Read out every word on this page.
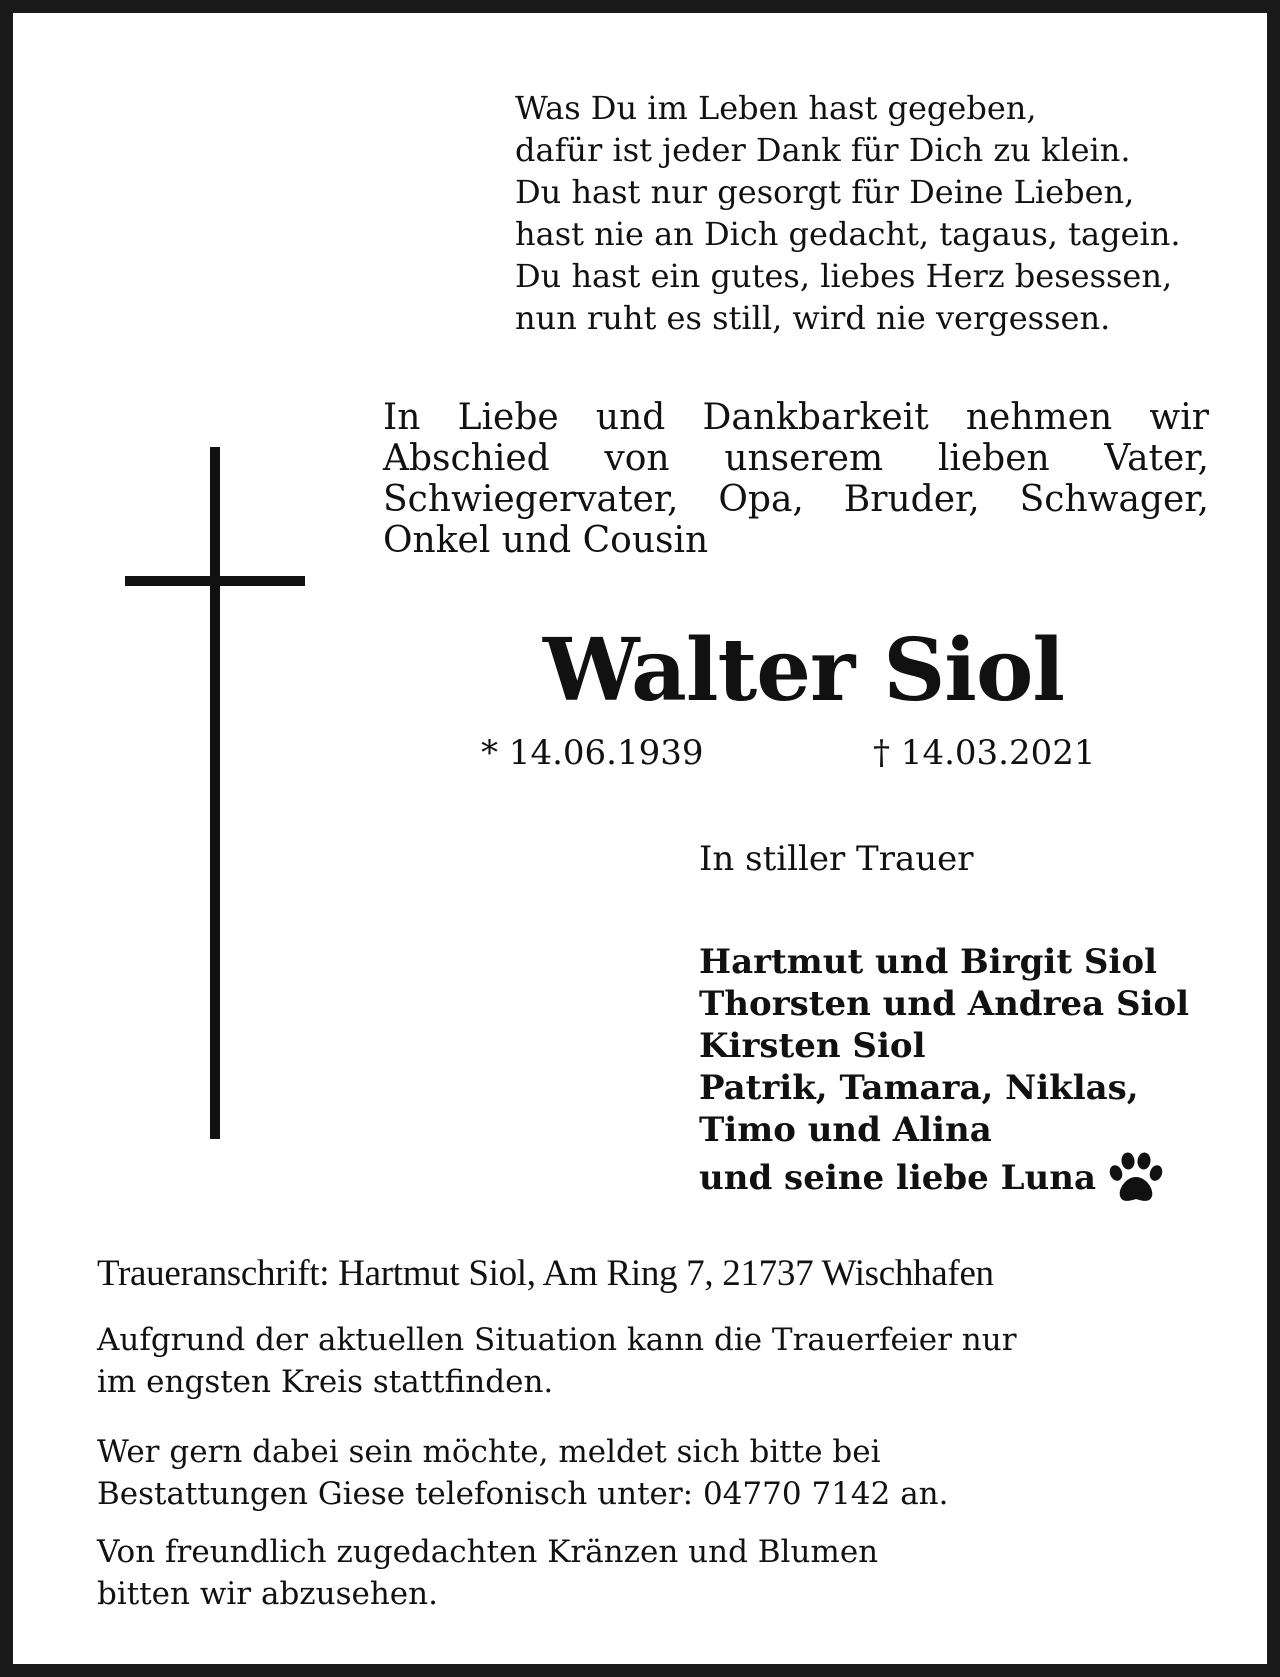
Was Du im Leben hast gegeben,
dafür ist jeder Dank für Dich zu klein.
Du hast nur gesorgt für Deine Lieben,
hast nie an Dich gedacht, tagaus, tagein.
Du hast ein gutes, liebes Herz besessen,
nun ruht es still, wird nie vergessen.
In Liebe und Dankbarkeit nehmen wir
Abschied von unserem lieben Vater,
Schwiegervater, Opa, Bruder, Schwager,
Onkel und Cousin
Walter Siol
* 14.06.1939	† 14.03.2021
In stiller Trauer
Hartmut und Birgit Siol
Thorsten und Andrea Siol
Kirsten Siol
Patrik, Tamara, Niklas,
Timo und Alina
und seine liebe Luna
Traueranschrift: Hartmut Siol, Am Ring 7, 21737 Wischhafen
Aufgrund der aktuellen Situation kann die Trauerfeier nur
im engsten Kreis stattfinden.
Wer gern dabei sein möchte, meldet sich bitte bei
Bestattungen Giese telefonisch unter: 04770 7142 an.
Von freundlich zugedachten Kränzen und Blumen
bitten wir abzusehen.
